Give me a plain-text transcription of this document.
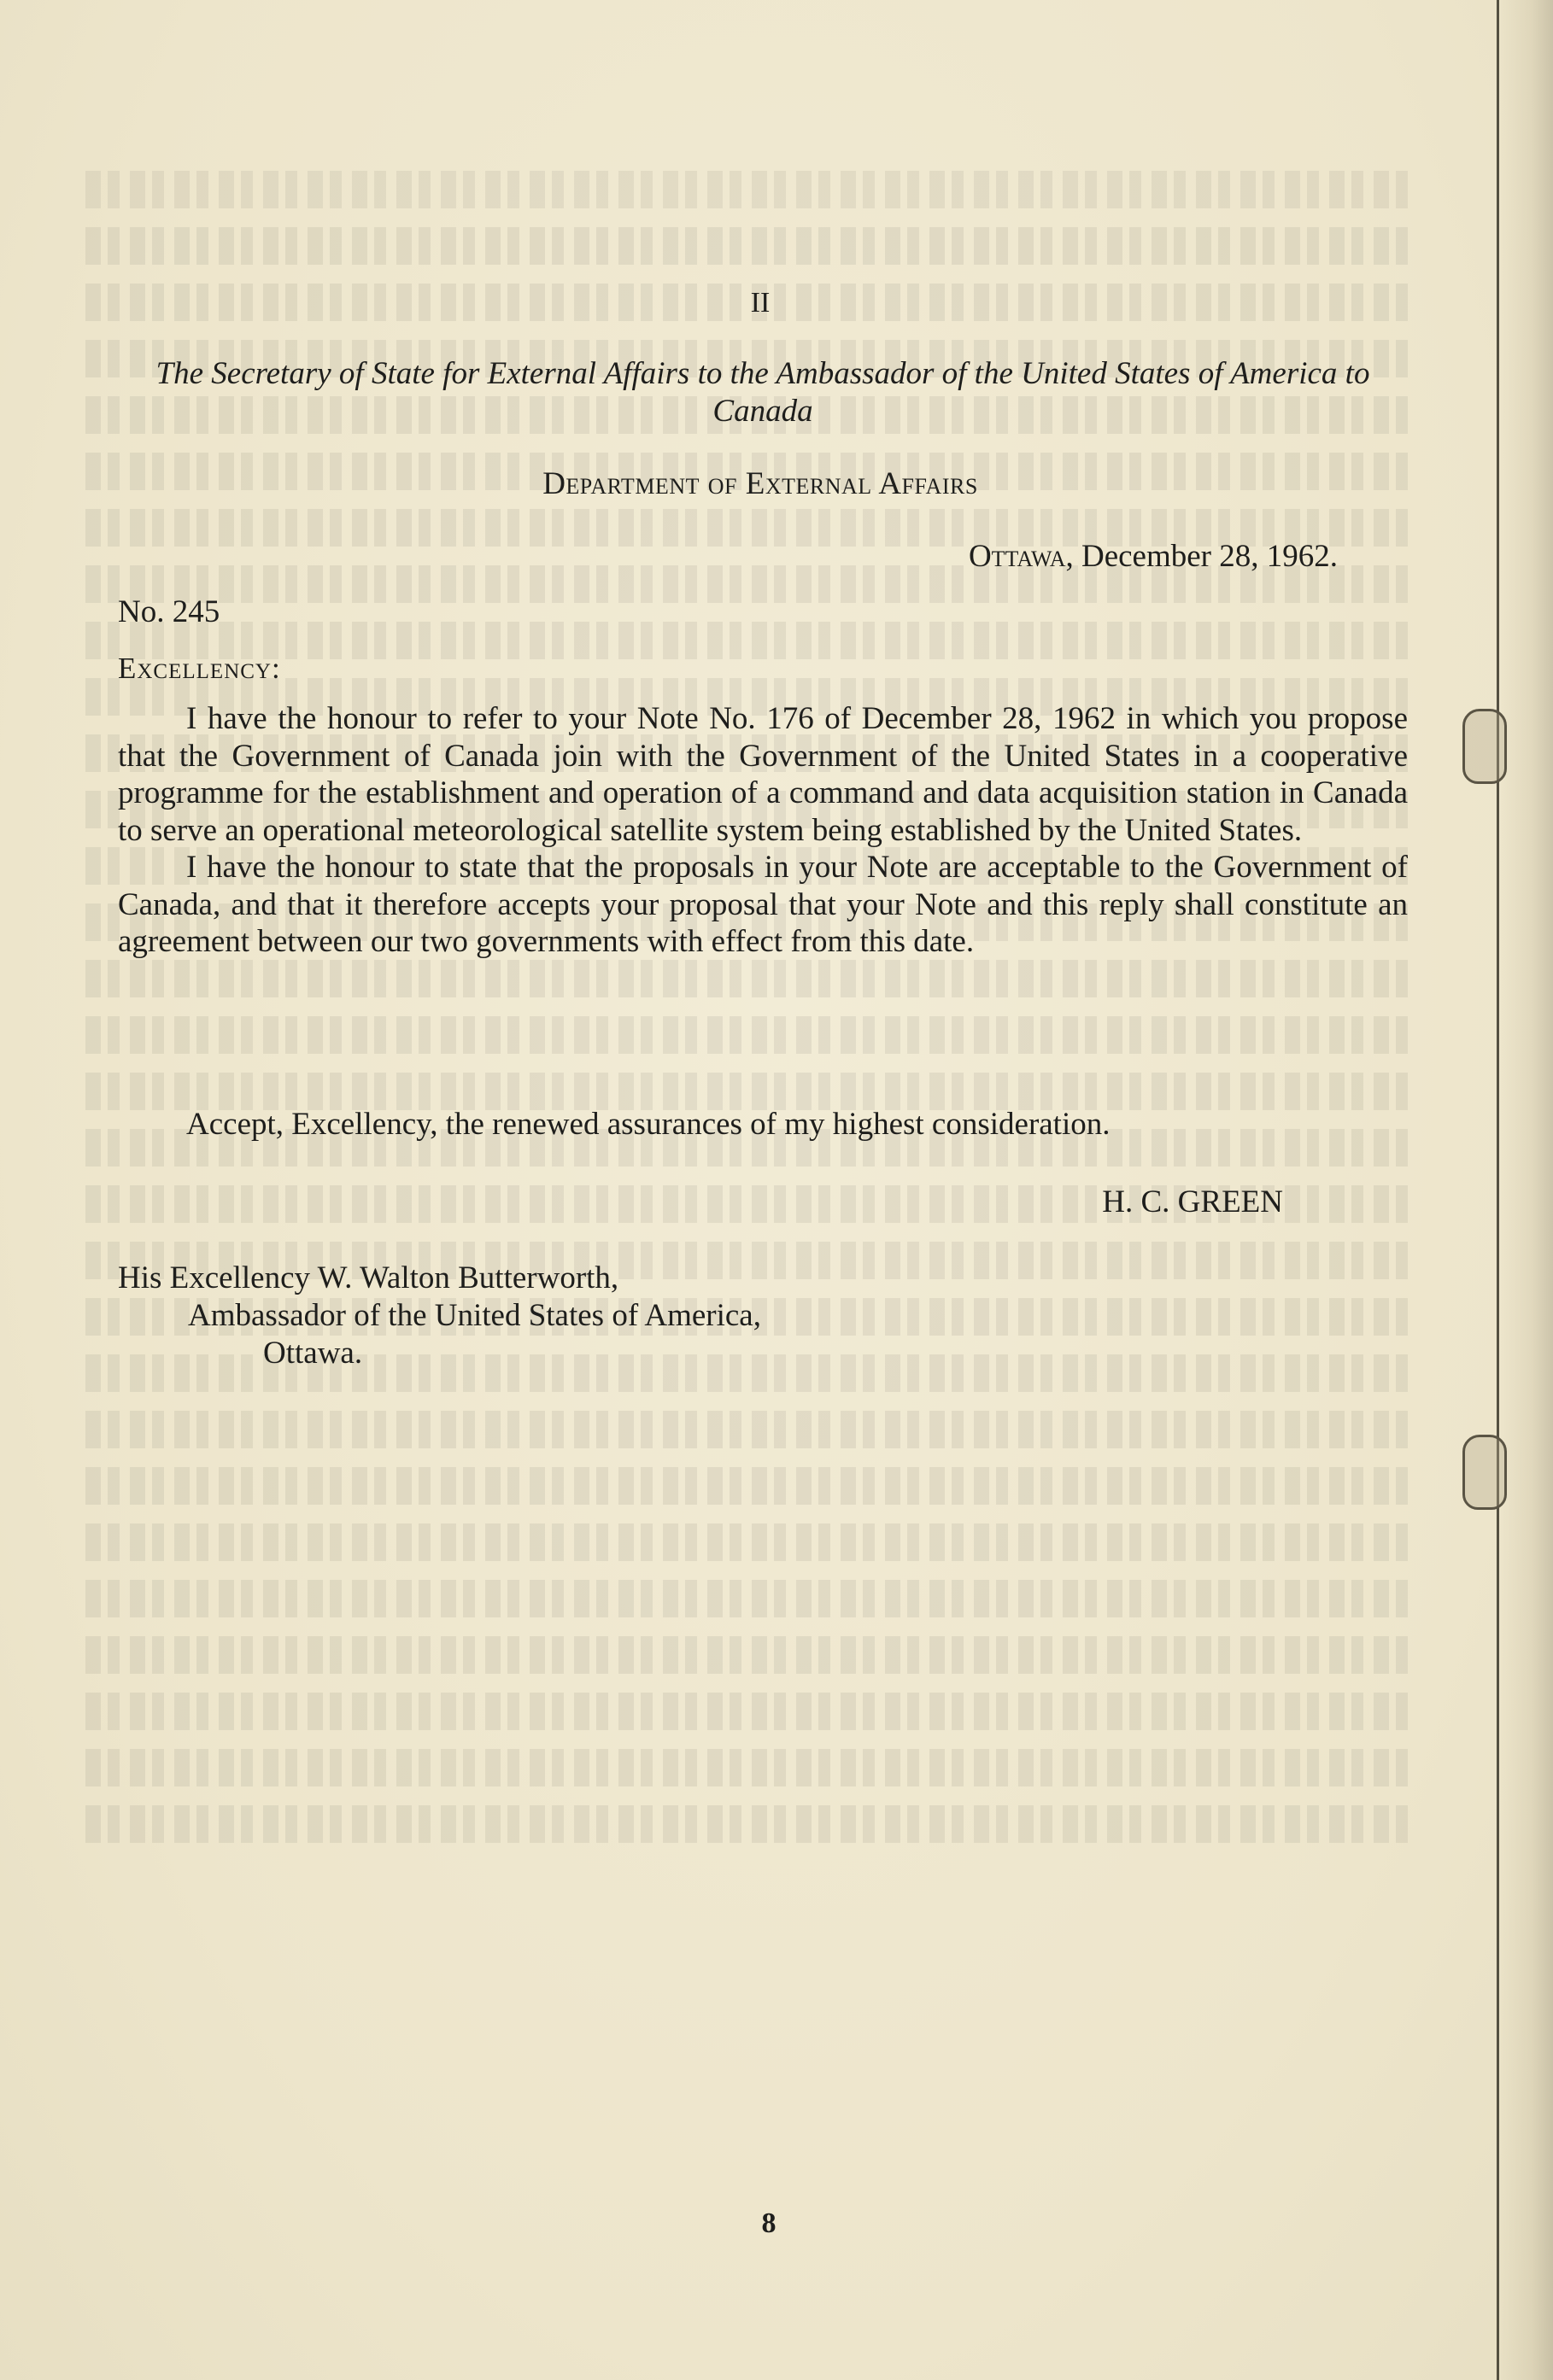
II
The Secretary of State for External Affairs to the Ambassador of the United States of America to Canada
Department of External Affairs
Ottawa, December 28, 1962.
No. 245
Excellency:

I have the honour to refer to your Note No. 176 of December 28, 1962 in which you propose that the Government of Canada join with the Government of the United States in a cooperative programme for the establishment and operation of a command and data acquisition station in Canada to serve an operational meteorological satellite system being established by the United States.

I have the honour to state that the proposals in your Note are acceptable to the Government of Canada, and that it therefore accepts your proposal that your Note and this reply shall constitute an agreement between our two governments with effect from this date.

Accept, Excellency, the renewed assurances of my highest consideration.
H. C. GREEN
His Excellency W. Walton Butterworth,
Ambassador of the United States of America,
Ottawa.
8
